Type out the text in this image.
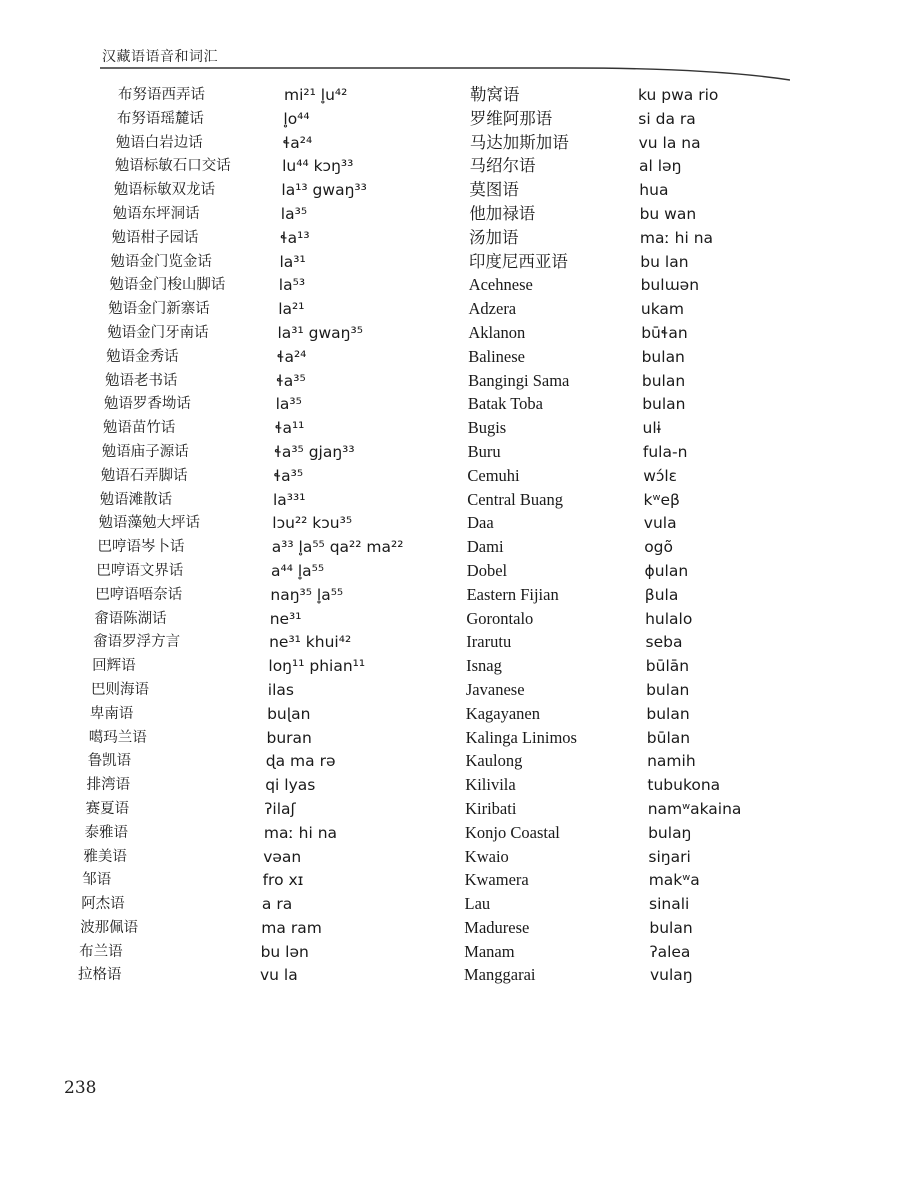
汉藏语语音和词汇
布努语西弄话	mi²¹ l̥u⁴²	勒窝语	ku pwa rio
布努语瑶麓话	l̥o⁴⁴	罗维阿那语	si da ra
勉语白岩边话	ɬa²⁴	马达加斯加语	vu la na
勉语标敏石口交话	lu⁴⁴ kɔŋ³³	马绍尔语	al ləŋ
勉语标敏双龙话	la¹³ gwaŋ³³	莫图语	hua
勉语东坪洞话	la³⁵	他加禄语	bu wan
勉语柑子园话	ɬa¹³	汤加语	maː hi na
勉语金门览金话	la³¹	印度尼西亚语	bu lan
勉语金门梭山脚话	la⁵³	Acehnese	bulɯən
勉语金门新寨话	la²¹	Adzera	ukam
勉语金门牙南话	la³¹ gwaŋ³⁵	Aklanon	būɬan
勉语金秀话	ɬa²⁴	Balinese	bulan
勉语老书话	ɬa³⁵	Bangingi Sama	bulan
勉语罗香坳话	la³⁵	Batak Toba	bulan
勉语苗竹话	ɬa¹¹	Bugis	ulɨ
勉语庙子源话	ɬa³⁵ gjaŋ³³	Buru	fula-n
勉语石弄脚话	ɬa³⁵	Cemuhi	wɔ́lɛ
勉语滩散话	la³³¹	Central Buang	kʷeβ
勉语藻勉大坪话	lɔu²² kɔu³⁵	Daa	vula
巴哼语岑卜话	a³³ l̥a⁵⁵ qa²² ma²²	Dami	ogõ
巴哼语文界话	a⁴⁴ l̥a⁵⁵	Dobel	ɸulan
巴哼语唔奈话	naŋ³⁵ l̥a⁵⁵	Eastern Fijian	βula
畲语陈湖话	ne³¹	Gorontalo	hulalo
畲语罗浮方言	ne³¹ khui⁴²	Irarutu	seba
回辉语	loŋ¹¹ phian¹¹	Isnag	būlān
巴则海语	ilas	Javanese	bulan
卑南语	buɭan	Kagayanen	bulan
噶玛兰语	buran	Kalinga Linimos	būlan
鲁凯语	ɖa ma rə	Kaulong	namih
排湾语	qi lyas	Kilivila	tubukona
赛夏语	ʔilaʃ	Kiribati	namʷakaina
泰雅语	maː hi na	Konjo Coastal	bulaŋ
雅美语	vəan	Kwaio	siŋari
邹语	fro xɪ	Kwamera	makʷa
阿杰语	a ra	Lau	sinali
波那佩语	ma ram	Madurese	bulan
布兰语	bu lən	Manam	ʔalea
拉格语	vu la	Manggarai	vulaŋ
238
